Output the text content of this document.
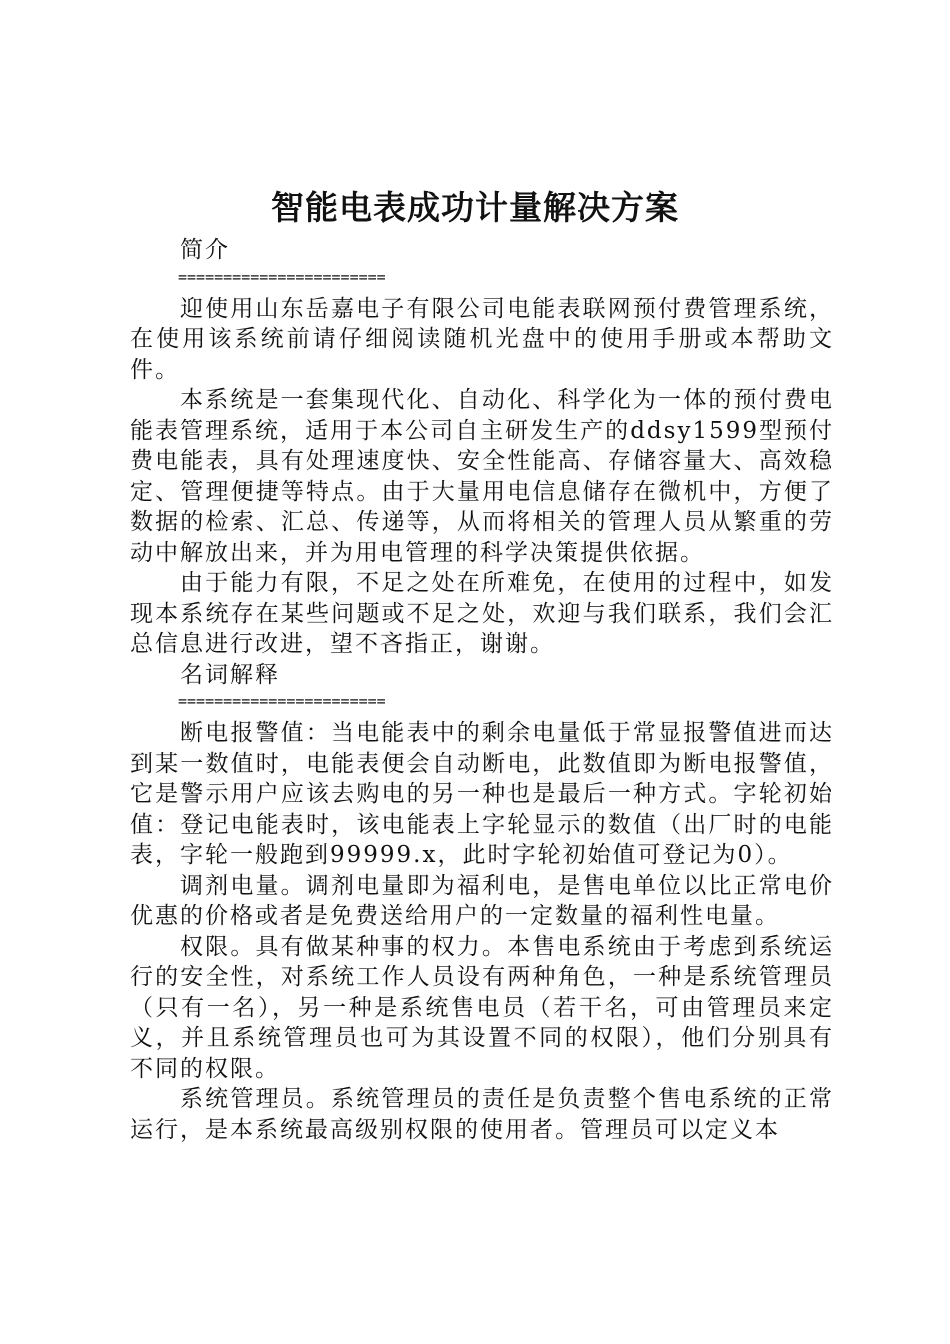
智能电表成功计量解决方案
简介
=======================

迎使用山东岳嘉电子有限公司电能表联网预付费管理系统，在使用该系统前请仔细阅读随机光盘中的使用手册或本帮助文件。

本系统是一套集现代化、自动化、科学化为一体的预付费电能表管理系统，适用于本公司自主研发生产的ddsy1599型预付费电能表，具有处理速度快、安全性能高、存储容量大、高效稳定、管理便捷等特点。由于大量用电信息储存在微机中，方便了数据的检索、汇总、传递等，从而将相关的管理人员从繁重的劳动中解放出来，并为用电管理的科学决策提供依据。

由于能力有限，不足之处在所难免，在使用的过程中，如发现本系统存在某些问题或不足之处，欢迎与我们联系，我们会汇总信息进行改进，望不吝指正，谢谢。

名词解释
=======================

断电报警值：当电能表中的剩余电量低于常显报警值进而达到某一数值时，电能表便会自动断电，此数值即为断电报警值，它是警示用户应该去购电的另一种也是最后一种方式。字轮初始值：登记电能表时，该电能表上字轮显示的数值（出厂时的电能表，字轮一般跑到99999.x，此时字轮初始值可登记为0）。

调剂电量。调剂电量即为福利电，是售电单位以比正常电价优惠的价格或者是免费送给用户的一定数量的福利性电量。

权限。具有做某种事的权力。本售电系统由于考虑到系统运行的安全性，对系统工作人员设有两种角色，一种是系统管理员（只有一名），另一种是系统售电员（若干名，可由管理员来定义，并且系统管理员也可为其设置不同的权限），他们分别具有不同的权限。

系统管理员。系统管理员的责任是负责整个售电系统的正常运行，是本系统最高级别权限的使用者。管理员可以定义本
